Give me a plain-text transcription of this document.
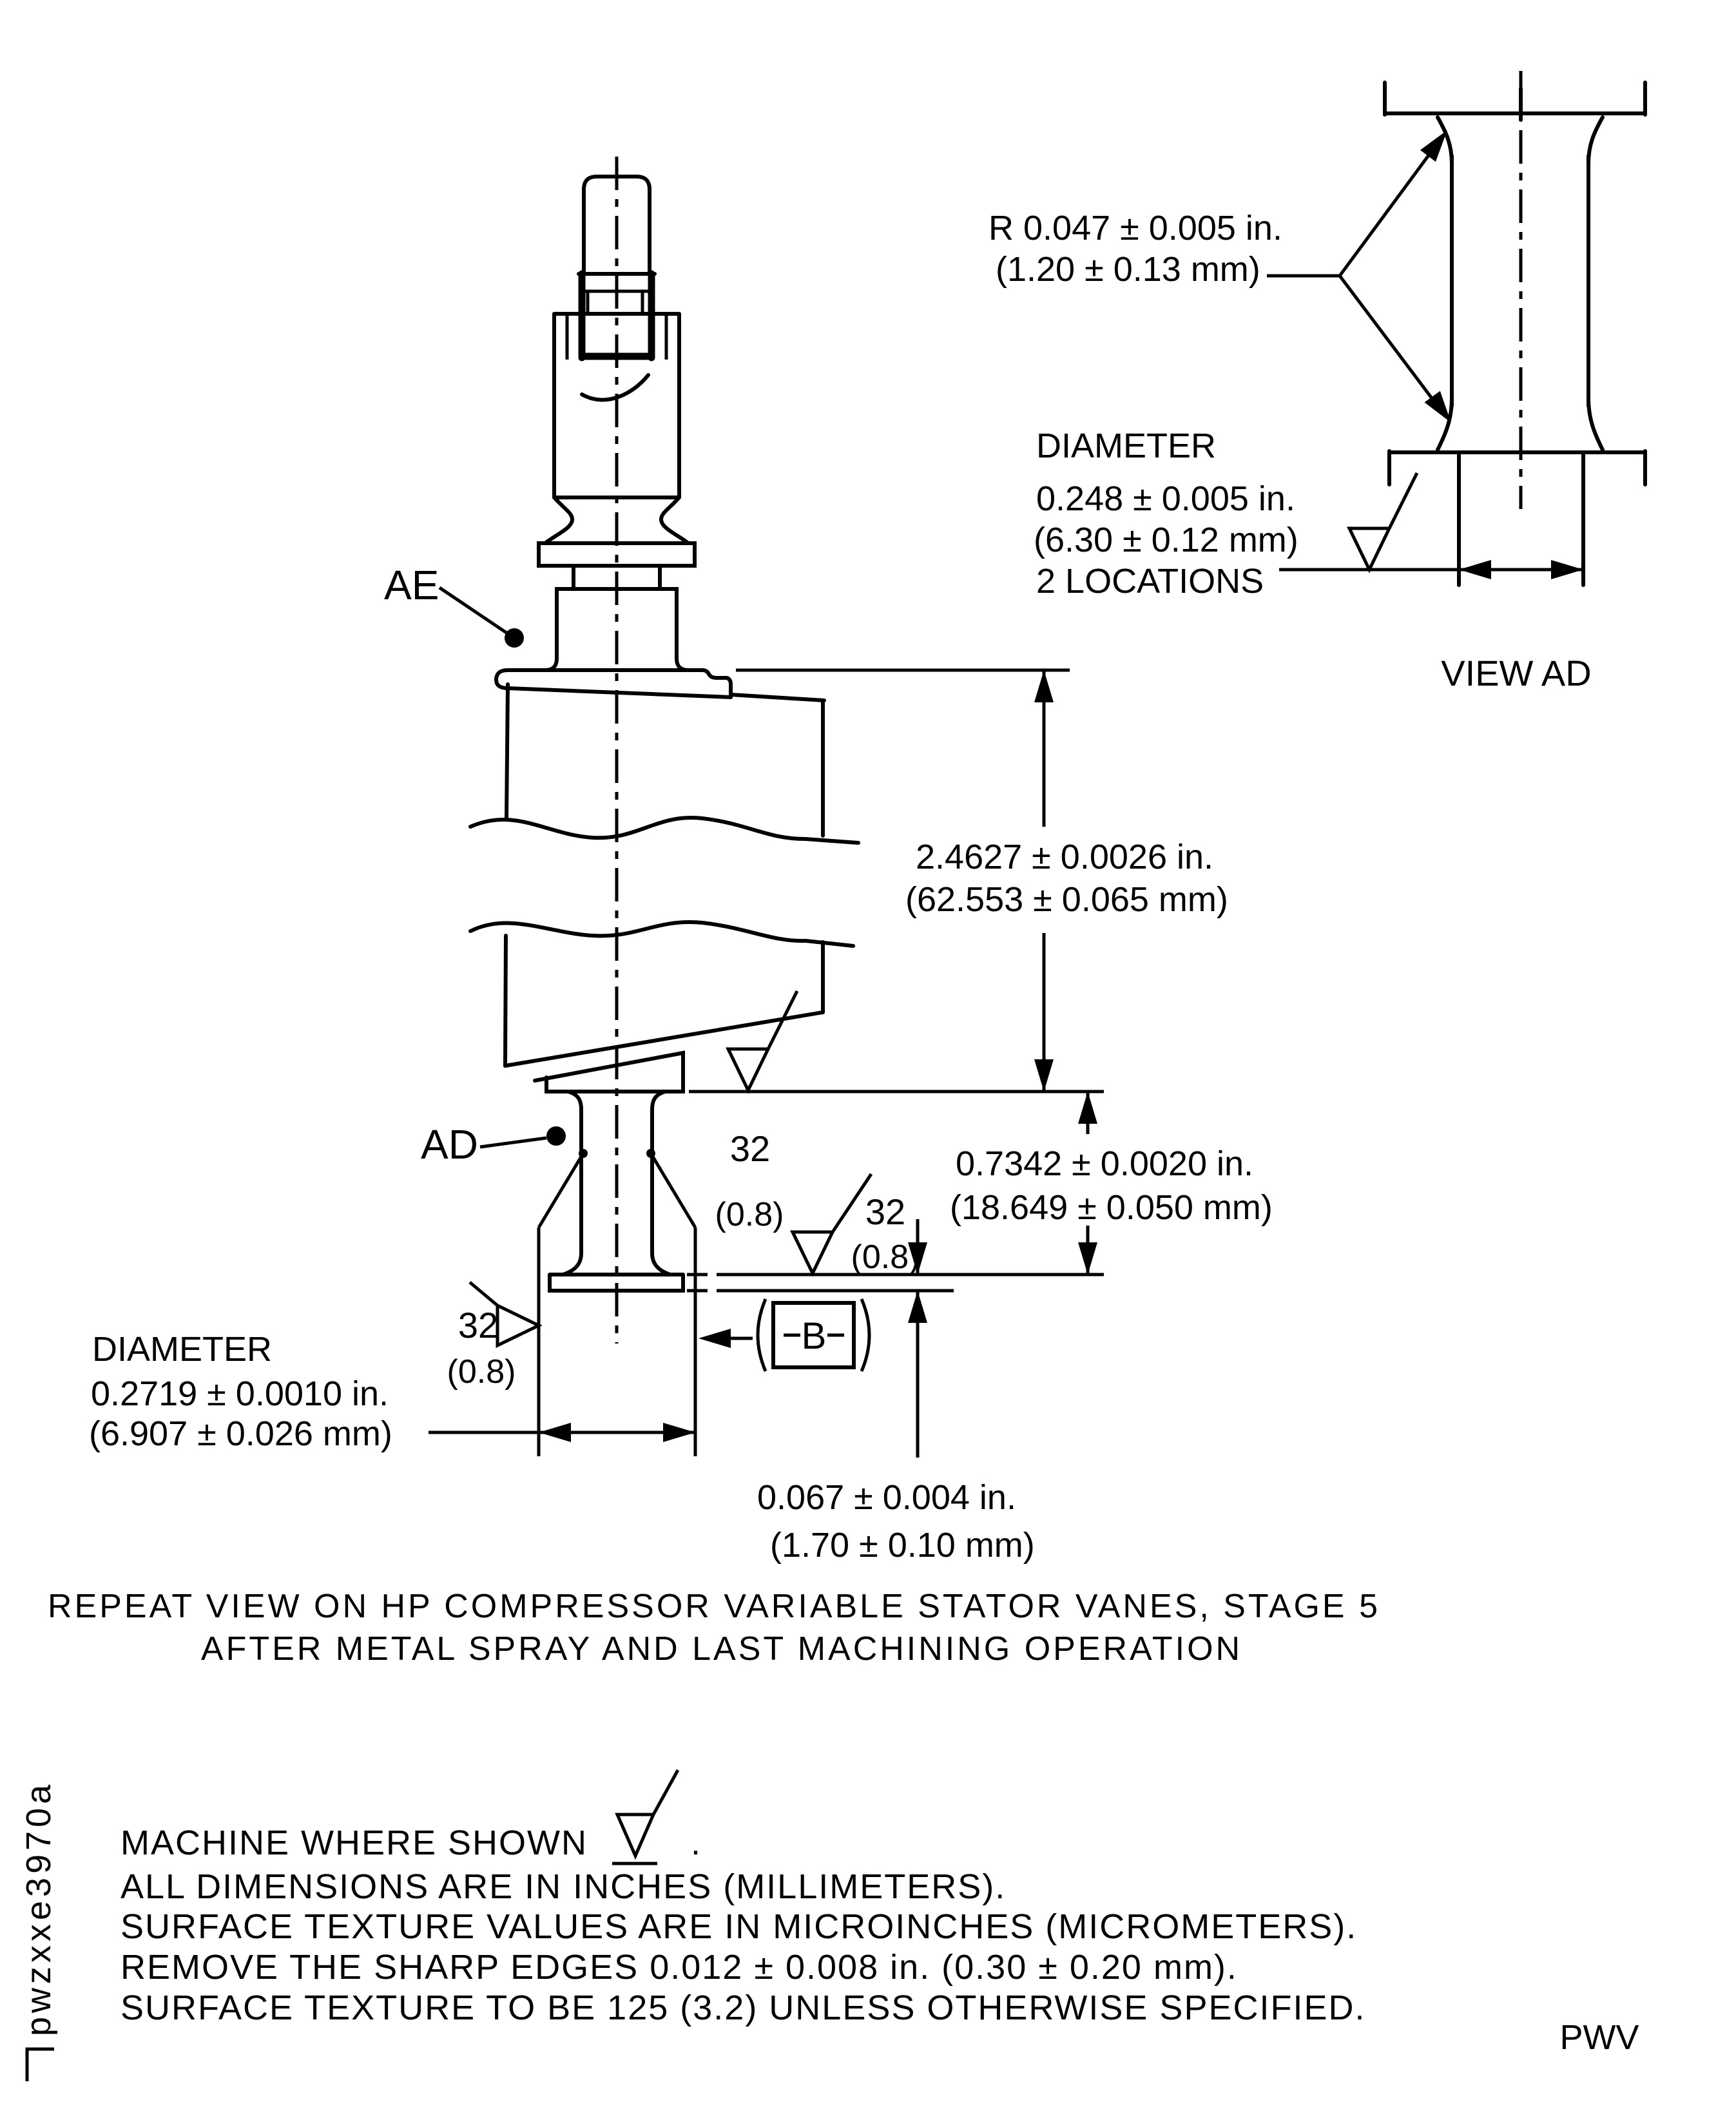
AE
AD
2.4627 ± 0.0026 in.
(62.553 ± 0.065 mm)
0.7342 ± 0.0020 in.
(18.649 ± 0.050 mm)
0.067 ± 0.004 in.
(1.70 ± 0.10 mm)
DIAMETER
0.2719 ± 0.0010 in.
(6.907 ± 0.026 mm)
B
32
(0.8) 32
(0.8)
32
(0.8)
R 0.047 ± 0.005 in.
(1.20 ± 0.13 mm)
DIAMETER
0.248 ± 0.005 in.
(6.30 ± 0.12 mm)
2 LOCATIONS
VIEW AD
REPEAT VIEW ON HP COMPRESSOR VARIABLE STATOR VANES, STAGE 5
AFTER METAL SPRAY AND LAST MACHINING OPERATION
MACHINE WHERE SHOWN	.
ALL DIMENSIONS ARE IN INCHES (MILLIMETERS).
SURFACE TEXTURE VALUES ARE IN MICROINCHES (MICROMETERS).
REMOVE THE SHARP EDGES 0.012 ± 0.008 in. (0.30 ± 0.20 mm).
SURFACE TEXTURE TO BE 125 (3.2) UNLESS OTHERWISE SPECIFIED.
pwzxxe3970a
PWV
